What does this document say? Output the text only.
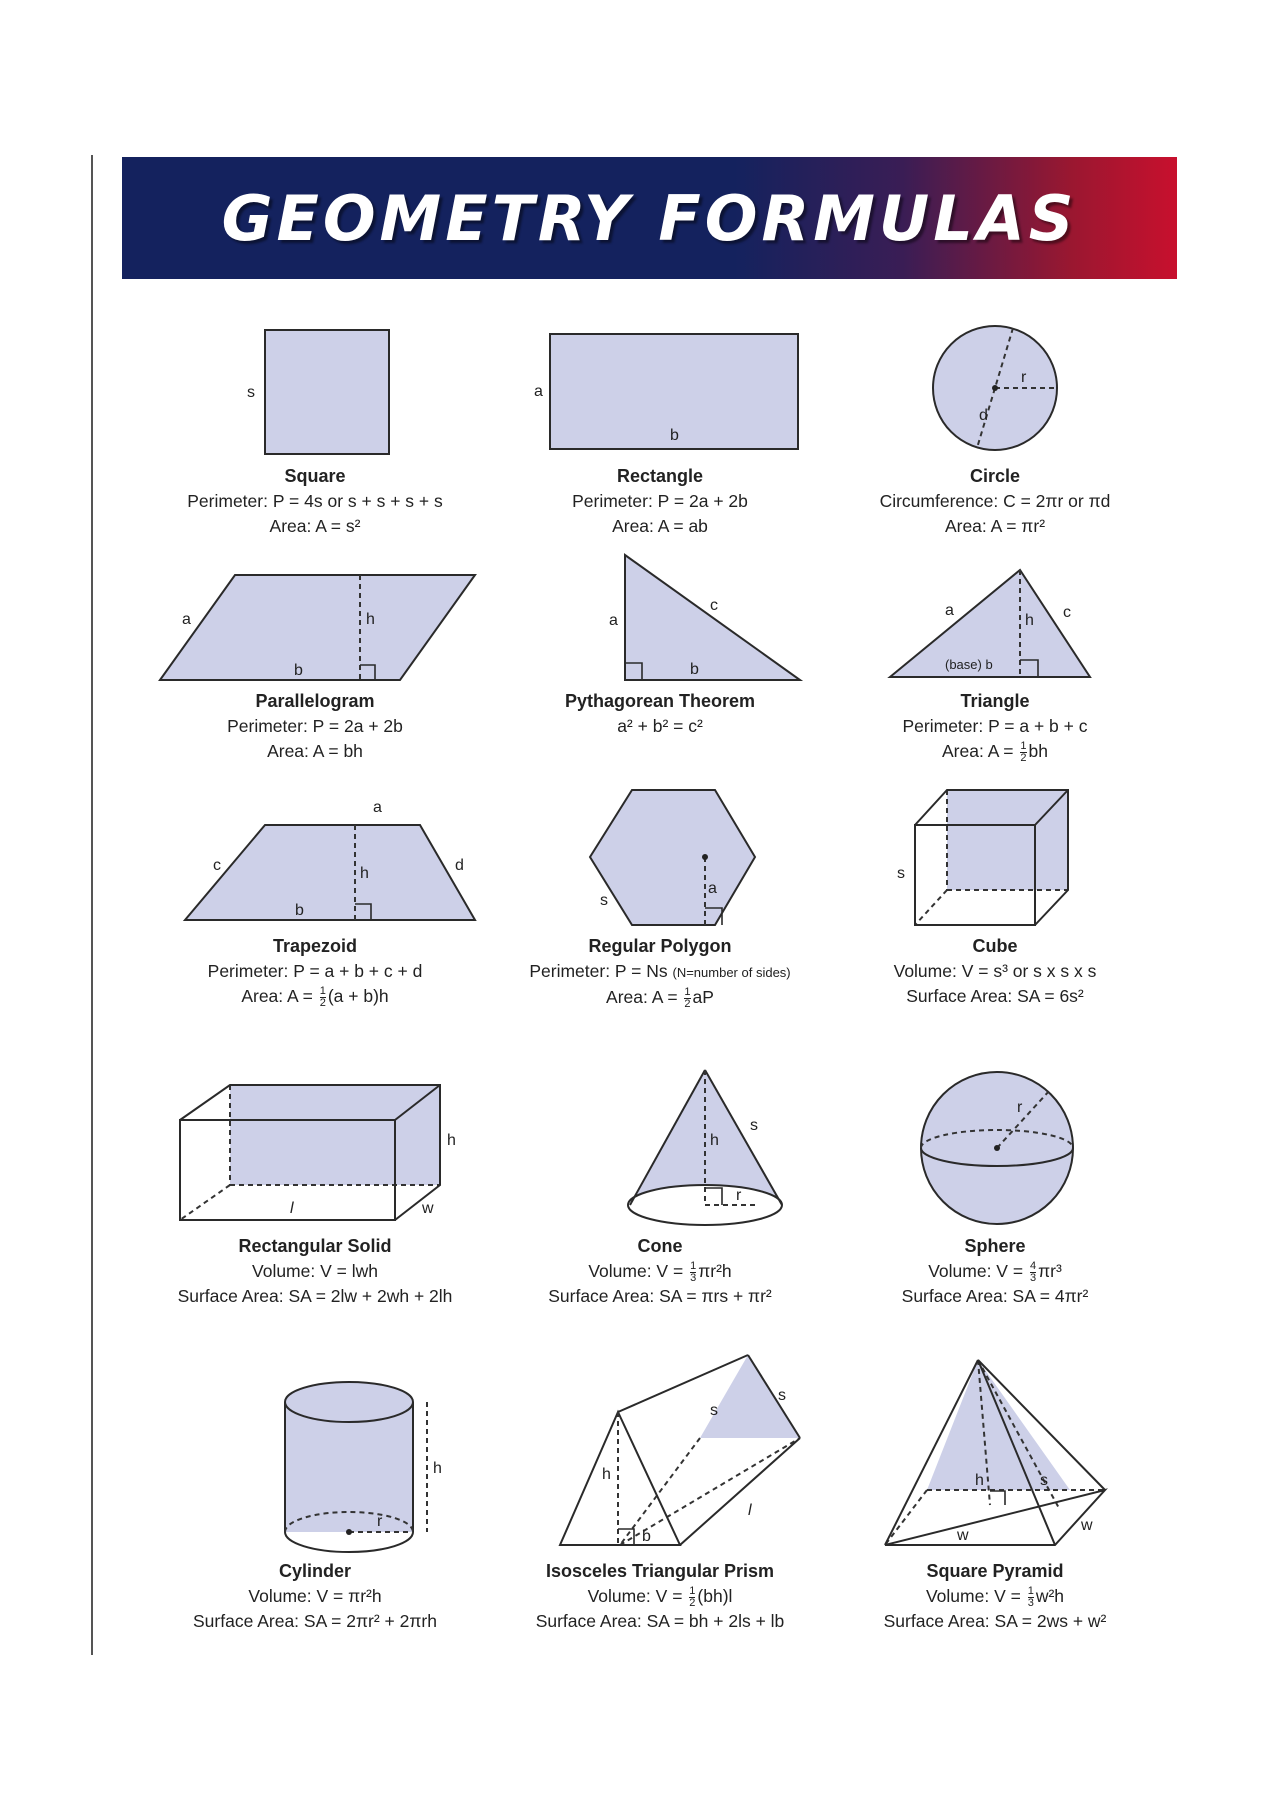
GEOMETRY FORMULAS
s
Square
Perimeter: P = 4s or s + s + s + s
Area: A = s²
a
b
Rectangle
Perimeter: P = 2a + 2b
Area: A = ab
r
d
Circle
Circumference: C = 2πr or πd
Area: A = πr²
a	h
b
Parallelogram
Perimeter: P = 2a + 2b
Area: A = bh
a
c
b
Pythagorean Theorem
a² + b² = c²
a
h c
(base) b
Triangle
Perimeter: P = a + b + c
Area: $A = \frac{1}{2}$ bh
a
c	h	d
b
Trapezoid
Perimeter: P = a + b + c + d
Area: $A = \frac{1}{2} (a + b)h$
a
s
Regular Polygon
Perimeter: P = Ns (N=number of sides)
Area: $A = \frac{1}{2}$ aP
s
Cube
Volume: V = s³ or s x s x s
Surface Area: SA = 6s²
h
l	w
Rectangular Solid
Volume: V = lwh
Surface Area: SA = 2lw + 2wh + 2lh
h
s
r
Cone
Volume: $V = \frac{1}{3} \pi r^2h$
Surface Area: SA = πrs + πr²
r
Sphere
Volume: $V = \frac{4}{3} \pi r^3$
Surface Area: SA = 4πr²
h
r
Cylinder
Volume: V = πr²h
Surface Area: SA = 2πr² + 2πrh
s
s
h
b
l
Isosceles Triangular Prism
Volume: $V = \frac{1}{2} (bh)l$
Surface Area: SA = bh + 2ls + lb
h	s
w
w
Square Pyramid
Volume: $V = \frac{1}{3} w^2h$
Surface Area: SA = 2ws + w²
